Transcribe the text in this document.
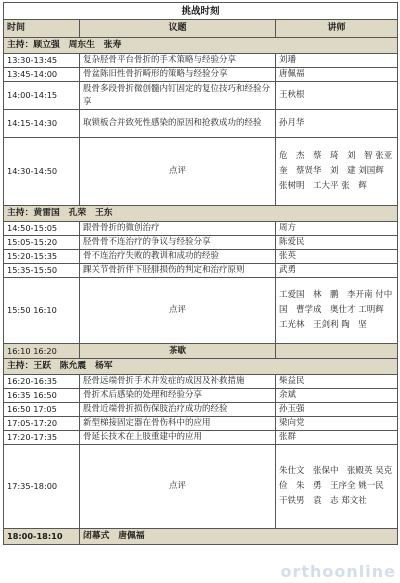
挑战时刻		
时间	议题	讲师
主持：顾立强　周东生　张寿		
13:30-13:45	复杂胫骨平台骨折的手术策略与经验分享	刘璠
13:45-14:00	骨盆陈旧性骨折畸形的策略与经验分享	唐佩福
14:00-14:15	股骨多段骨折微创髓内钉固定的复位技巧和经验分享	王秋根
14:15-14:30	取锁板合并致死性感染的原因和抢救成功的经验	孙月华
14:30-14:50	点评	危　杰　蔡　琦　刘　智 张亚奎　蔡贤华　刘　建 刘国辉　张树明　工大平 张　辉

主持：黄雷国　孔荣　王东		
14:50-15:05	跟骨骨折的微创治疗	周方
15:05-15:20	胫骨骨不连治疗的争议与经验分享	陈爱民
15:20-15:35	骨不连治疗失败的教训和成功的经验	张英
15:35-15:50	踝关节骨折伴下胫腓损伤的判定和治疗原则	武勇
15:50 16:10	点评	工爱国　林　鹏　李开南 付中国　曹学成　奥仕才 工明辉　工光林　王剑利 陶　坚

16:10 16:20	茶歇	
主持：王跃　陈允震　杨军		
16:20-16:35	胫骨远端骨折手术并发症的成因及补救措施	柴益民
16:35 16:50	骨折术后感染的处理和经验分享	余斌
16:50 17:05	股骨近端骨折损伤保肢治疗成功的经验	孙玉强
17:05-17:20	新型梯接固定器在骨伤科中的应用	梁向党
17:20-17:35	骨延长技术在上肢重建中的应用	张群
17:35-18:00	点评	朱仕文　张保中　张殿英 吴克俭　朱　勇　王序全 姚一民　干铁男　袁　志 郑文社

18:00-18:10	闭幕式　唐佩福	
orthoonline
